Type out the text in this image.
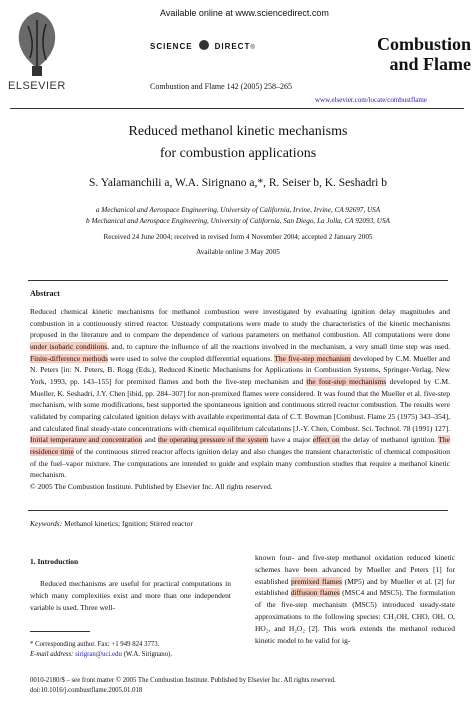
ELSEVIER
Available online at www.sciencedirect.com
SCIENCE	DIRECT®
Combustion and Flame 142 (2005) 258–265
Combustion
and Flame
www.elsevier.com/locate/combustflame
Reduced methanol kinetic mechanisms
for combustion applications
S. Yalamanchili a, W.A. Sirignano a,*, R. Seiser b, K. Seshadri b
a Mechanical and Aerospace Engineering, University of California, Irvine, Irvine, CA 92697, USA
b Mechanical and Aerospace Engineering, University of California, San Diego, La Jolla, CA 92093, USA
Received 24 June 2004; received in revised form 4 November 2004; accepted 2 January 2005
Available online 3 May 2005
Abstract
Reduced chemical kinetic mechanisms for methanol combustion were investigated by evaluating ignition delay magnitudes and combustion in a continuously stirred reactor. Unsteady computations were made to study the characteristics of the kinetic mechanisms proposed in the literature and to compare the dependence of various parameters on methanol combustion. All computations were done under isobaric conditions, and, to capture the influence of all the reactions involved in the mechanism, a very small time step was used. Finite-difference methods were used to solve the coupled differential equations. The five-step mechanism developed by C.M. Mueller and N. Peters [in: N. Peters, B. Rogg (Eds.), Reduced Kinetic Mechanisms for Applications in Combustion Systems, Springer-Verlag, New York, 1993, pp. 143–155] for premixed flames and both the five-step mechanism and the four-step mechanisms developed by C.M. Mueller, K. Seshadri, J.Y. Chen [ibid, pp. 284–307] for non-premixed flames were considered. It was found that the Mueller et al. five-step mechanism, with some modifications, best supported the spontaneous ignition and continuous stirred reactor combustion. The results were validated by comparing calculated ignition delays with available experimental data of C.T. Bowman [Combust. Flame 25 (1975) 343–354], and calculated final steady-state concentrations with chemical equilibrium calculations [J.-Y. Chen, Combust. Sci. Technol. 78 (1991) 127]. Initial temperature and concentration and the operating pressure of the system have a major effect on the delay of methanol ignition. The residence time of the continuous stirred reactor affects ignition delay and also changes the transient characteristic of chemical composition of the fuel–vapor mixture. The computations are intended to guide and explain many combustion studies that require a methanol kinetic mechanism.
© 2005 The Combustion Institute. Published by Elsevier Inc. All rights reserved.
Keywords: Methanol kinetics; Ignition; Stirred reactor
1. Introduction
Reduced mechanisms are useful for practical computations in which many complexities exist and more than one independent variable is used. Three well-
known four- and five-step methanol oxidation reduced kinetic schemes have been advanced by Mueller and Peters [1] for established premixed flames (MP5) and by Mueller et al. [2] for established diffusion flames (MSC4 and MSC5). The formulation of the five-step mechanism (MSC5) introduced steady-state approximations to the following species: CH₂OH, CHO, OH, O, HO₂, and H₂O₂ [2]. This work extends the methanol reduced kinetic model to be valid for ig-
* Corresponding author. Fax: +1 949 824 3773.
E-mail address: sirigran@uci.edu (W.A. Sirignano).
0010-2180/$ – see front matter © 2005 The Combustion Institute. Published by Elsevier Inc. All rights reserved.
doi:10.1016/j.combustflame.2005.01.018
